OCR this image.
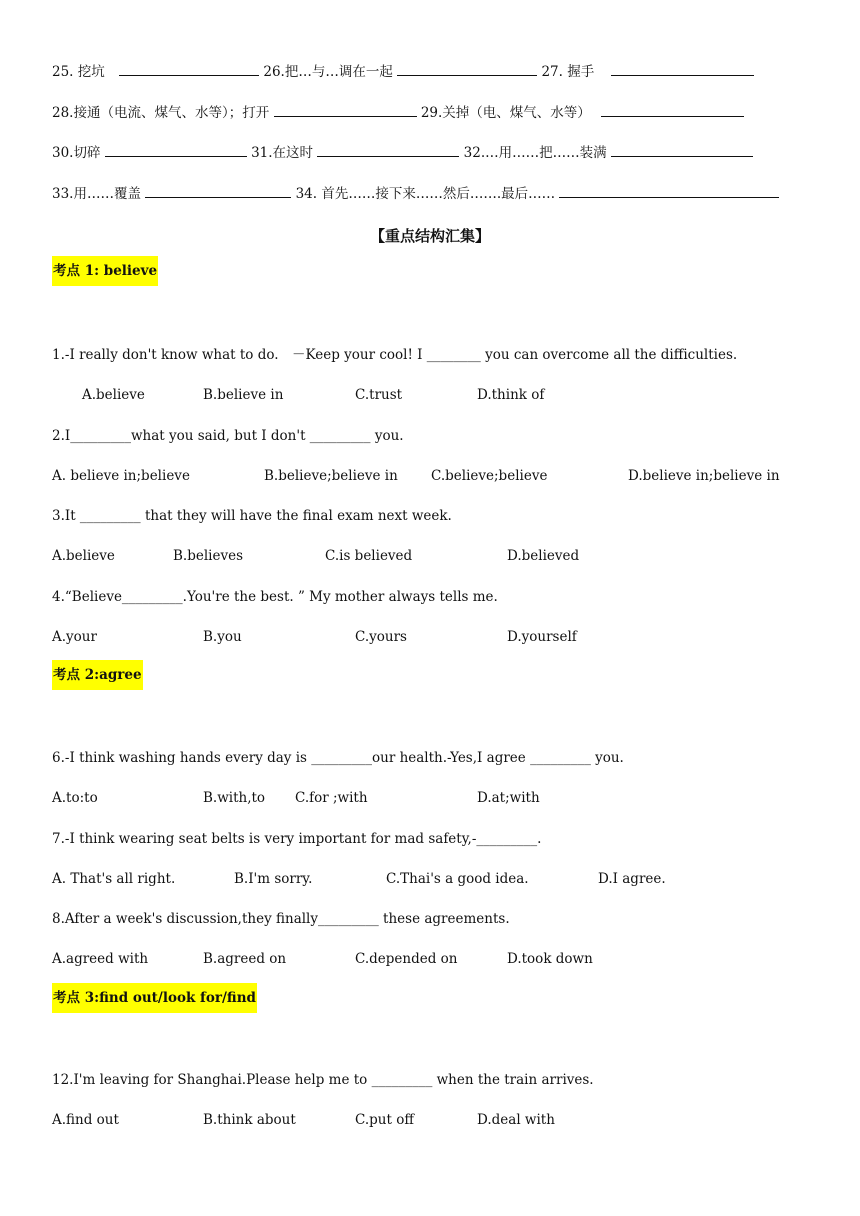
25. 挖坑	26.把…与…调在一起	27. 握手
28.接通（电流、煤气、水等）；打开	29.关掉（电、煤气、水等）
30.切碎	31.在这时	32.…用……把……装满
33.用……覆盖	34. 首先……接下来……然后…….最后……
【重点结构汇集】
考点 1: believe
1.-I really don't know what to do. －Keep your cool! I ________ you can overcome all the difficulties.
A.believe	B.believe in	C.trust	D.think of
2.I_________what you said, but I don't _________ you.
A. believe in;believe	B.believe;believe in C.believe;believe	D.believe in;believe in
3.It _________ that they will have the final exam next week.
A.believe	B.believes	C.is believed	D.believed
4.“Believe_________.You're the best. ” My mother always tells me.
A.your	B.you	C.yours	D.yourself
考点 2:agree
6.-I think washing hands every day is _________our health. -Yes,I agree _________ you.
A.to:to	B.with,to C.for ;with	D.at;with
7.-I think wearing seat belts is very important for mad safety,-_________.
A. That's all right.	B.I'm sorry.	C.Thai's a good idea.	D.I agree.
8.After a week's discussion,they finally_________ these agreements.
A.agreed with	B.agreed on	C.depended on	D.took down
考点 3:find out/look for/find
12.I'm leaving for Shanghai.Please help me to _________ when the train arrives.
A.find out	B.think about	C.put off	D.deal with
